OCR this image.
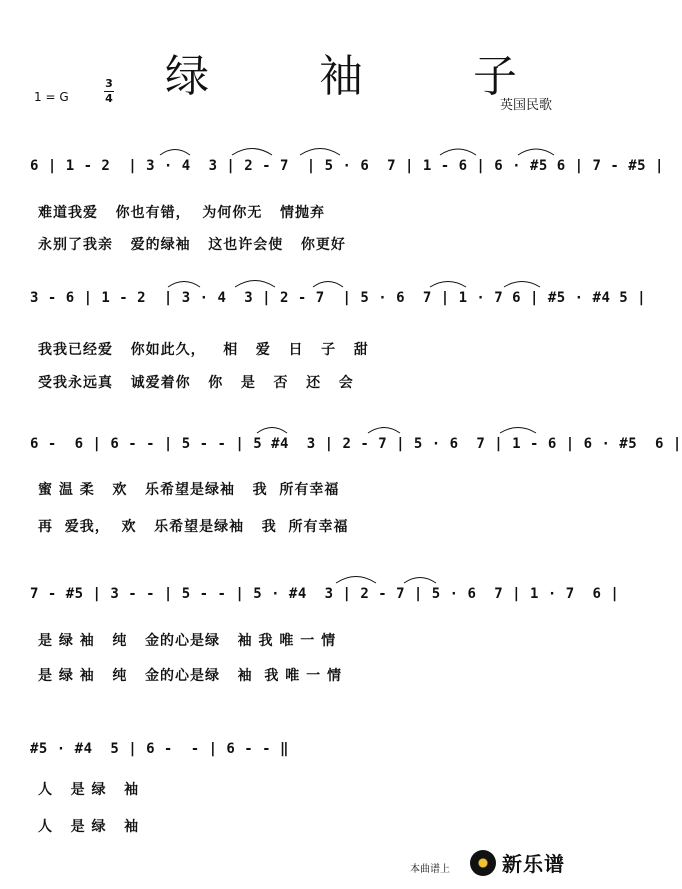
绿 袖 子
1 = G
3
4	英国民歌
6 | 1 - 2  | 3 · 4  3 | 2 - 7  | 5 · 6  7 | 1 - 6 | 6 · #5 6 | 7 - #5 |
难道我爱   你也有错，  为何你无   情抛弃
永别了我亲   爱的绿袖   这也许会使   你更好
3 - 6 | 1 - 2  | 3 · 4  3 | 2 - 7  | 5 · 6  7 | 1 · 7 6 | #5 · #4 5 |
我我已经爱   你如此久，   相   爱   日   子   甜
受我永远真   诚爱着你   你   是   否   还   会
6 -  6 | 6 - - | 5 - - | 5 #4  3 | 2 - 7 | 5 · 6  7 | 1 - 6 | 6 · #5  6 |
蜜 温 柔   欢   乐希望是绿袖   我  所有幸福
再  爱我，  欢   乐希望是绿袖   我  所有幸福
7 - #5 | 3 - - | 5 - - | 5 · #4  3 | 2 - 7 | 5 · 6  7 | 1 · 7  6 |
是 绿 袖   纯   金的心是绿   袖 我 唯 一 情
是 绿 袖   纯   金的心是绿   袖  我 唯 一 情
#5 · #4  5 | 6 -  - | 6 - - ‖
人   是 绿   袖
人   是 绿   袖
本曲谱上	新乐谱
